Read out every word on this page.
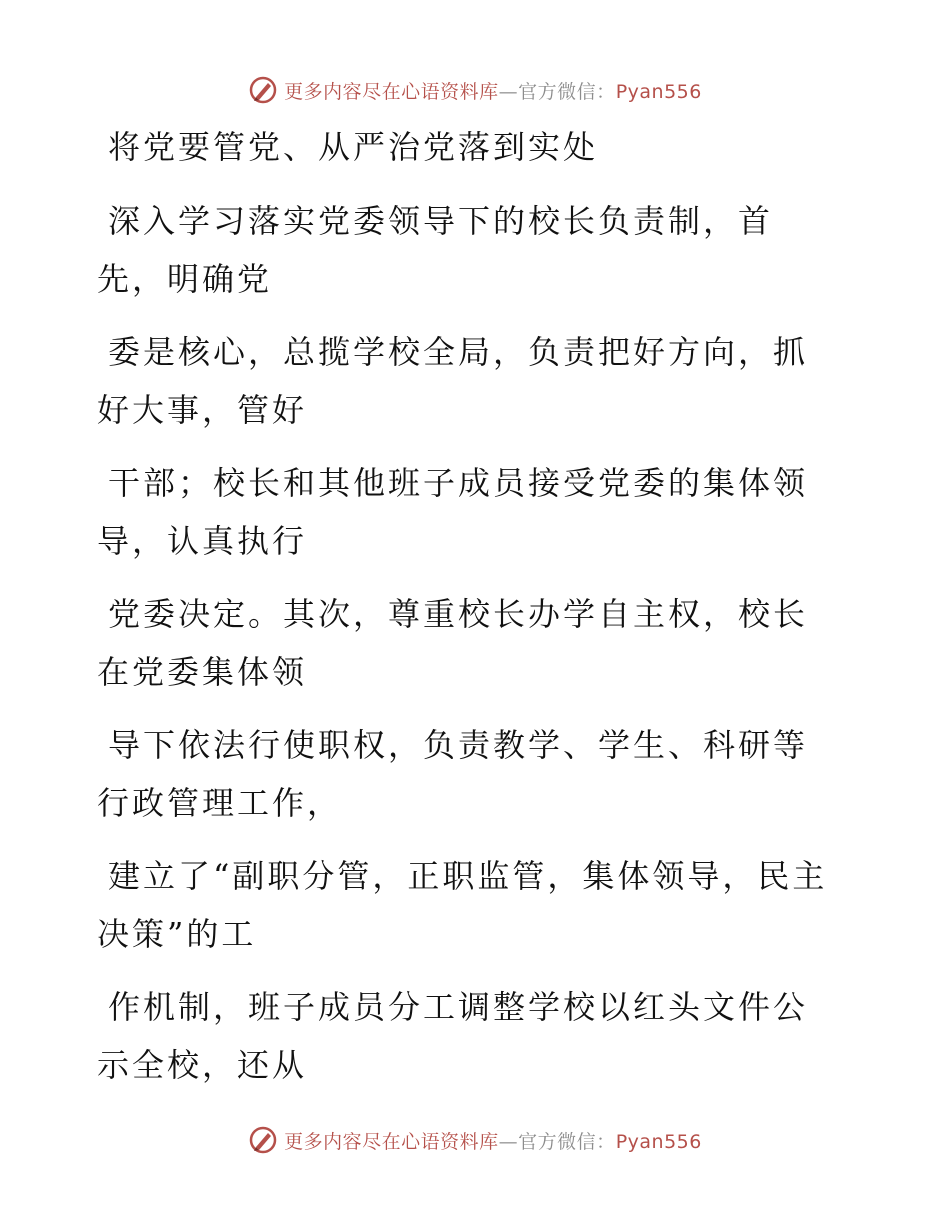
更多内容尽在心语资料库—官方微信：Pyan556

将党要管党、从严治党落到实处

深入学习落实党委领导下的校长负责制，首先，明确党

委是核心，总揽学校全局，负责把好方向，抓好大事，管好

干部；校长和其他班子成员接受党委的集体领导，认真执行

党委决定。其次，尊重校长办学自主权，校长在党委集体领

导下依法行使职权，负责教学、学生、科研等行政管理工作，

建立了“副职分管，正职监管，集体领导，民主决策”的工

作机制，班子成员分工调整学校以红头文件公示全校，还从

更多内容尽在心语资料库—官方微信：Pyan556
